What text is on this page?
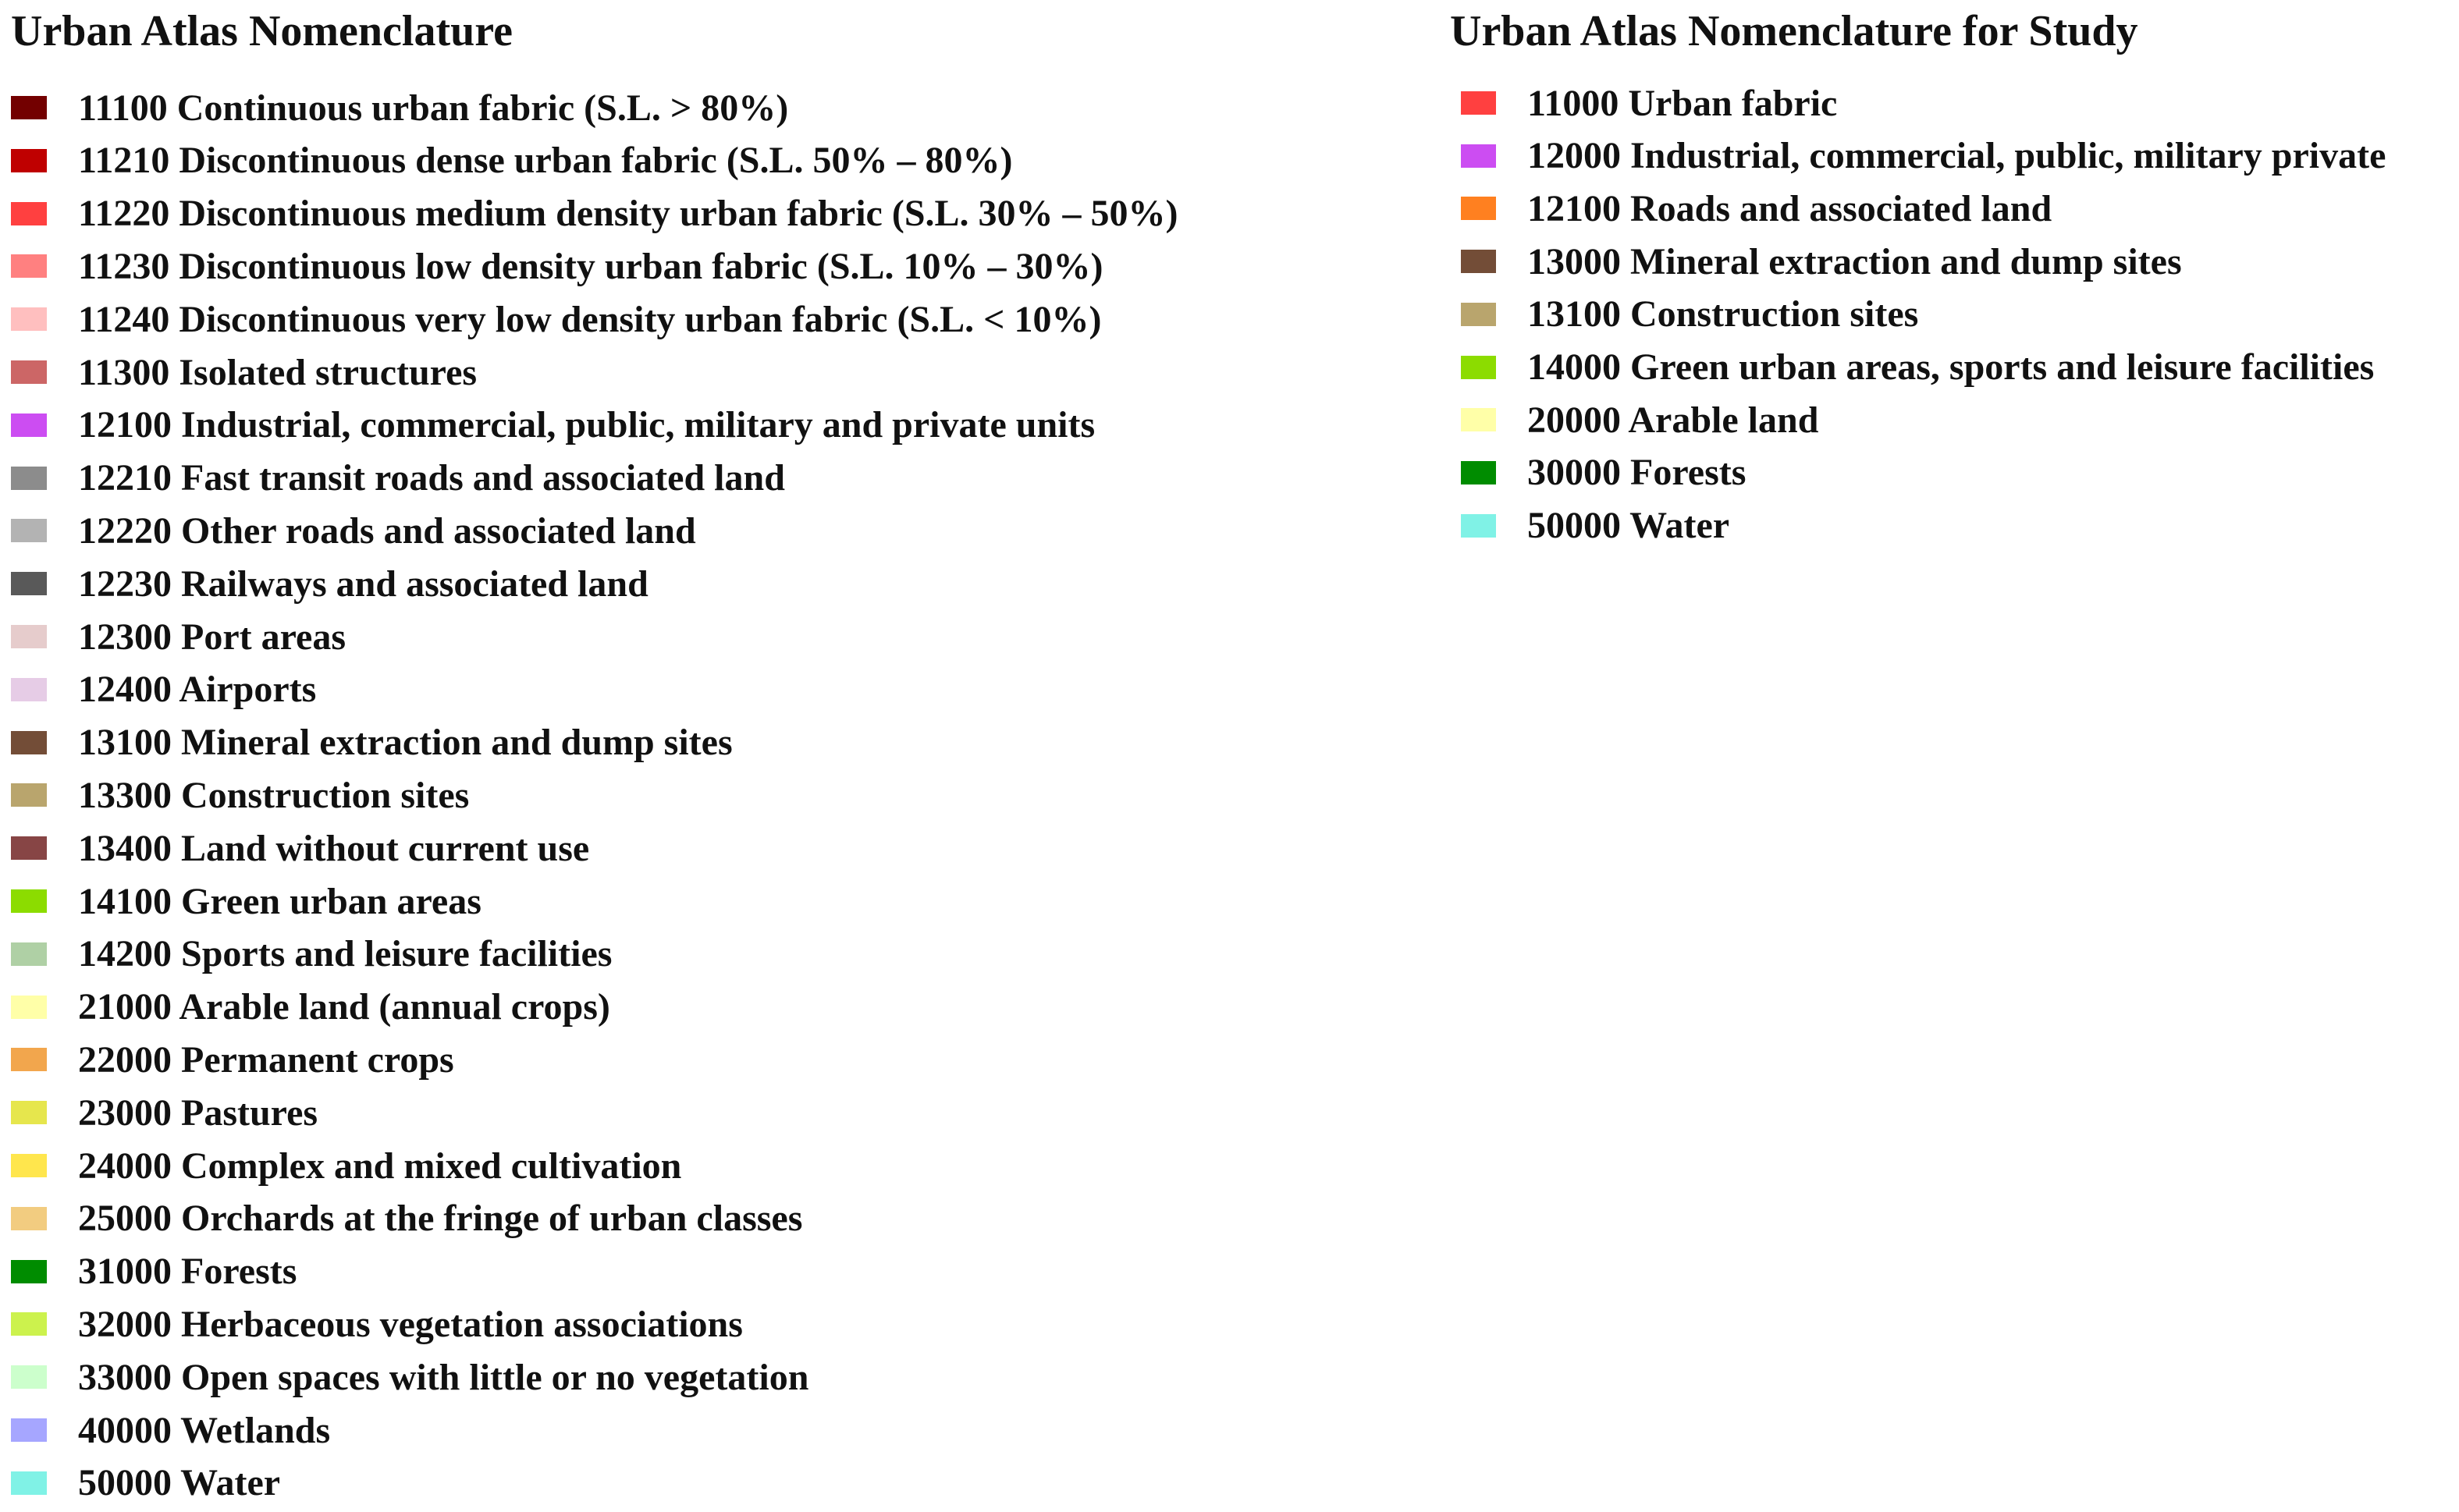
Urban Atlas Nomenclature
11100 Continuous urban fabric (S.L. > 80%)
11210 Discontinuous dense urban fabric (S.L. 50% – 80%)
11220 Discontinuous medium density urban fabric (S.L. 30% – 50%)
11230 Discontinuous low density urban fabric (S.L. 10% – 30%)
11240 Discontinuous very low density urban fabric (S.L. < 10%)
11300 Isolated structures
12100 Industrial, commercial, public, military and private units
12210 Fast transit roads and associated land
12220 Other roads and associated land
12230 Railways and associated land
12300 Port areas
12400 Airports
13100 Mineral extraction and dump sites
13300 Construction sites
13400 Land without current use
14100 Green urban areas
14200 Sports and leisure facilities
21000 Arable land (annual crops)
22000 Permanent crops
23000 Pastures
24000 Complex and mixed cultivation
25000 Orchards at the fringe of urban classes
31000 Forests
32000 Herbaceous vegetation associations
33000 Open spaces with little or no vegetation
40000 Wetlands
50000 Water
Urban Atlas Nomenclature for Study
11000 Urban fabric
12000 Industrial, commercial, public, military private
12100 Roads and associated land
13000 Mineral extraction and dump sites
13100 Construction sites
14000 Green urban areas, sports and leisure facilities
20000 Arable land
30000 Forests
50000 Water
